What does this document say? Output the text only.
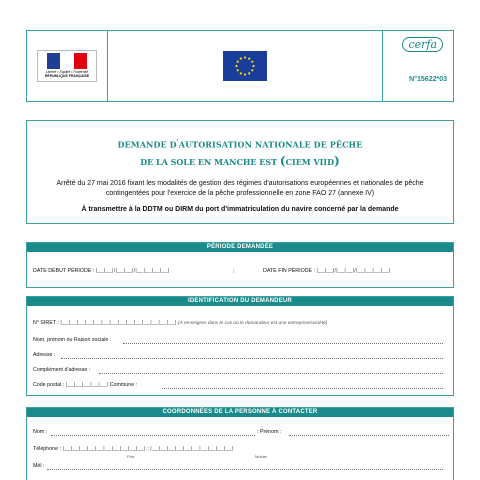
Liberté • Égalité • Fraternité
RÉPUBLIQUE FRANÇAISE
cerfa
N°15622*03
DEMANDE D'AUTORISATION NATIONALE DE PÊCHE
DE LA SOLE EN MANCHE EST (CIEM VIID)
Arrêté du 27 mai 2016 fixant les modalités de gestion des régimes d'autorisations européennes et nationales de pêche contingentées pour l'exercice de la pêche professionnelle en zone FAO 27 (annexe IV)
À transmettre à la DDTM ou DIRM du port d'immatriculation du navire concerné par la demande
PÉRIODE DEMANDÉE
DATE DÉBUT PÉRIODE : |__|__|/|__|__|/|__|__|__|__|	;	DATE FIN PÉRIODE : |__|__|/|__|__|/|__|__|__|__|
IDENTIFICATION DU DEMANDEUR
N° SIRET : |__|__|__|__|__|__|__|__|__|__|__|__|__|__| (A renseigner dans le cas où le demandeur est une entreprise/société)
Nom, prénom ou Raison sociale :
Adresse :
Complément d'adresse :
Code postal : |__|__|__|__|__| Commune :
COORDONNÉES DE LA PERSONNE À CONTACTER
Nom :	: Prénom :
Téléphone : |__|__|__|__|__|__|__|__|__|__| ; |__|__|__|__|__|__|__|__|__|__|
Fixe	Mobile
Mél :
